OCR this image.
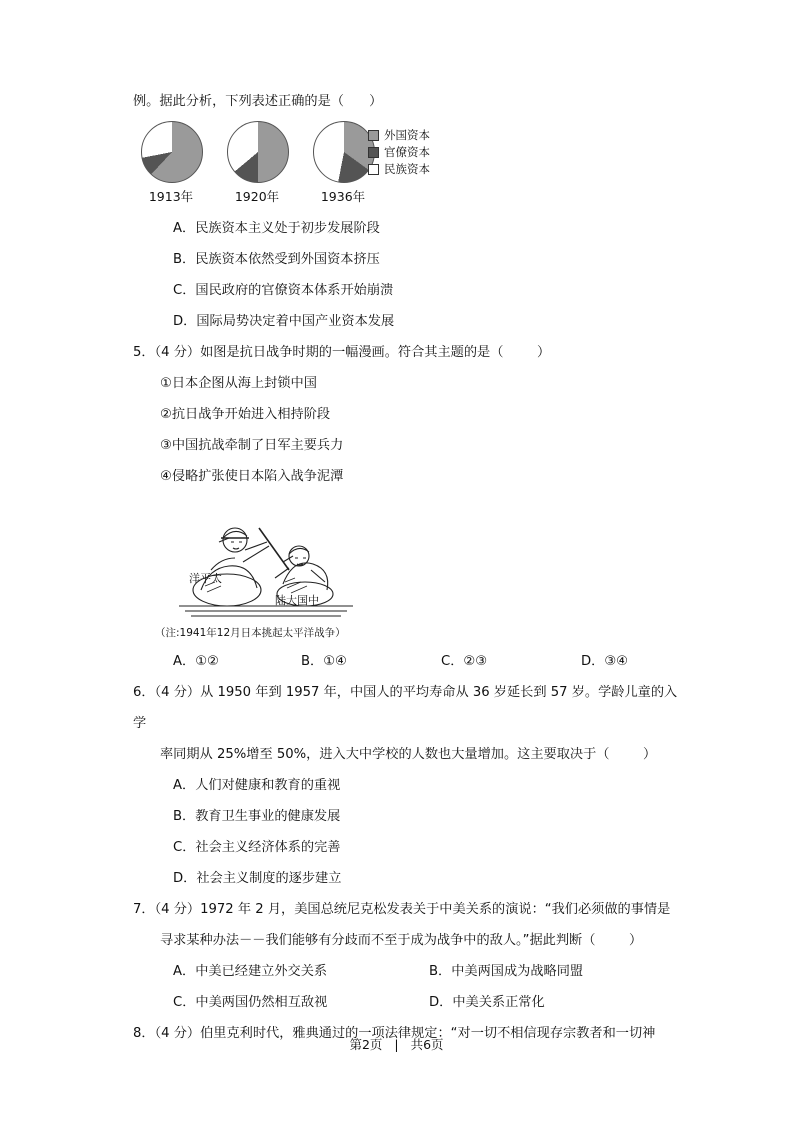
例。据此分析，下列表述正确的是（      ）
1913年	1920年	1936年
外国资本
官僚资本
民族资本
A．民族资本主义处于初步发展阶段
B．民族资本依然受到外国资本挤压
C．国民政府的官僚资本体系开始崩溃
D．国际局势决定着中国产业资本发展
5．（4 分）如图是抗日战争时期的一幅漫画。符合其主题的是（        ）
①日本企图从海上封锁中国
②抗日战争开始进入相持阶段
③中国抗战牵制了日军主要兵力
④侵略扩张使日本陷入战争泥潭
洋平太
陆大国中
（注:1941年12月日本挑起太平洋战争）
A．①②	B．①④	C．②③	D．③④
6．（4 分）从 1950 年到 1957 年，中国人的平均寿命从 36 岁延长到 57 岁。学龄儿童的入学
率同期从 25%增至 50%，进入大中学校的人数也大量增加。这主要取决于（        ）
A．人们对健康和教育的重视
B．教育卫生事业的健康发展
C．社会主义经济体系的完善
D．社会主义制度的逐步建立
7．（4 分）1972 年 2 月，美国总统尼克松发表关于中美关系的演说：“我们必须做的事情是
寻求某种办法－－我们能够有分歧而不至于成为战争中的敌人。”据此判断（        ）
A．中美已经建立外交关系	B．中美两国成为战略同盟
C．中美两国仍然相互敌视	D．中美关系正常化
8．（4 分）伯里克利时代，雅典通过的一项法律规定：“对一切不相信现存宗教者和一切神
第2页 | 共6页
